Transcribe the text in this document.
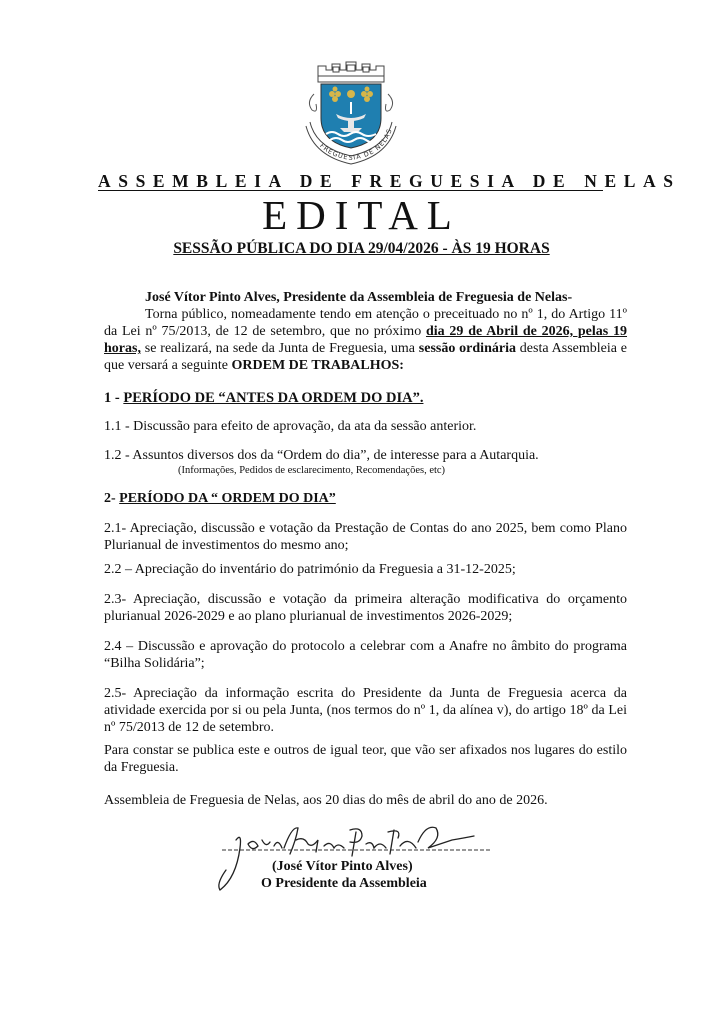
FREGUESIA DE NELAS
ASSEMBLEIA DE FREGUESIA DE NELAS
EDITAL
SESSÃO PÚBLICA DO DIA 29/04/2026 - ÀS 19 HORAS
José Vítor Pinto Alves, Presidente da Assembleia de Freguesia de Nelas-
Torna público, nomeadamente tendo em atenção o preceituado no nº 1, do Artigo 11º da Lei nº 75/2013, de 12 de setembro, que no próximo dia 29 de Abril de 2026, pelas 19 horas, se realizará, na sede da Junta de Freguesia, uma sessão ordinária desta Assembleia e que versará a seguinte ORDEM DE TRABALHOS:
1 - PERÍODO DE “ANTES DA ORDEM DO DIA”.
1.1 - Discussão para efeito de aprovação, da ata da sessão anterior.
1.2 - Assuntos diversos dos da “Ordem do dia”, de interesse para a Autarquia.
(Informações, Pedidos de esclarecimento, Recomendações, etc)
2- PERÍODO DA “ ORDEM DO DIA”
2.1- Apreciação, discussão e votação da Prestação de Contas do ano 2025, bem como Plano Plurianual de investimentos do mesmo ano;
2.2 – Apreciação do inventário do património da Freguesia a 31-12-2025;
2.3- Apreciação, discussão e votação da primeira alteração modificativa do orçamento plurianual 2026-2029 e ao plano plurianual de investimentos 2026-2029;
2.4 – Discussão e aprovação do protocolo a celebrar com a Anafre no âmbito do programa “Bilha Solidária”;
2.5- Apreciação da informação escrita do Presidente da Junta de Freguesia acerca da atividade exercida por si ou pela Junta, (nos termos do nº 1, da alínea v), do artigo 18º da Lei nº 75/2013 de 12 de setembro.
Para constar se publica este e outros de igual teor, que vão ser afixados nos lugares do estilo da Freguesia.
Assembleia de Freguesia de Nelas, aos 20 dias do mês de abril do ano de 2026.
(José Vítor Pinto Alves)
O Presidente da Assembleia
